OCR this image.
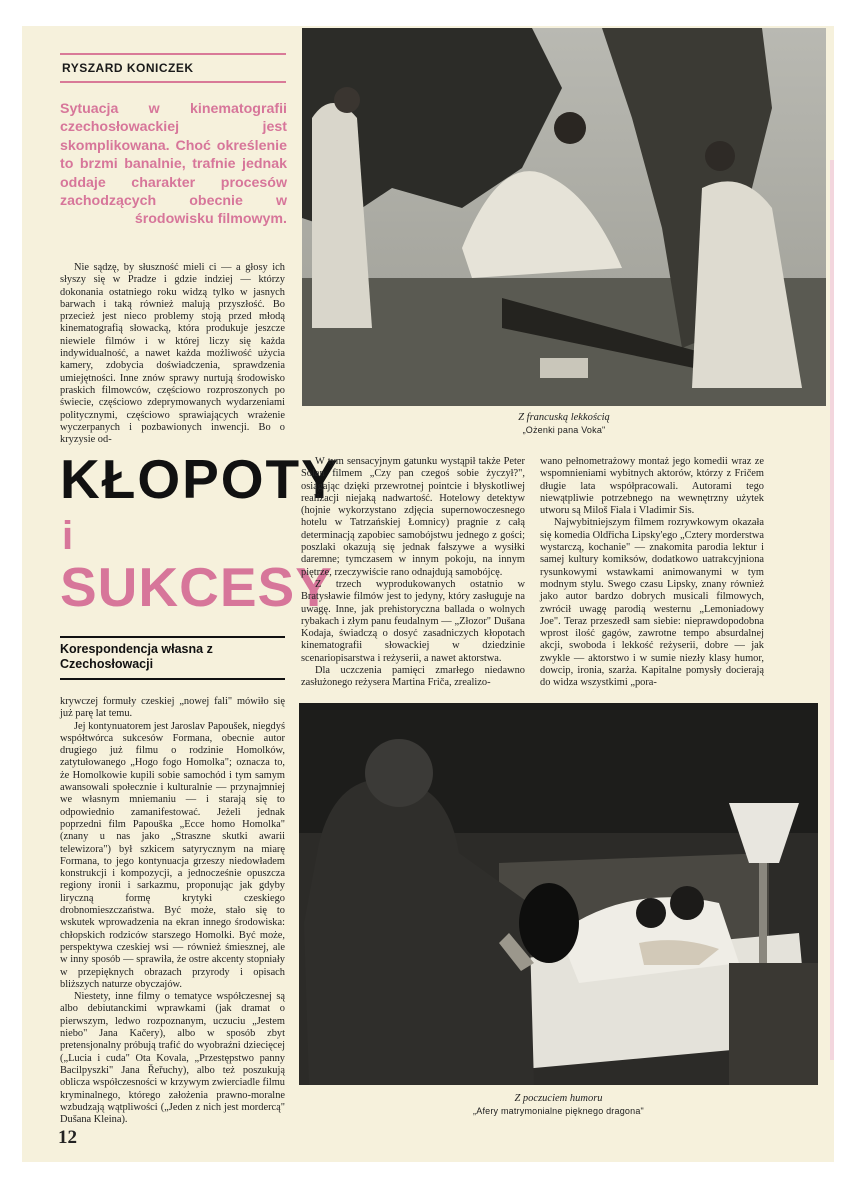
RYSZARD KONICZEK
Sytuacja w kinematografii czechosłowackiej jest skomplikowana. Choć określenie to brzmi banalnie, trafnie jednak oddaje charakter procesów zachodzących obecnie w środowisku filmowym.

Nie sądzę, by słuszność mieli ci — a głosy ich słyszy się w Pradze i gdzie indziej — którzy dokonania ostatniego roku widzą tylko w jasnych barwach i taką również malują przyszłość. Bo przecież jest nieco problemy stoją przed młodą kinematografią słowacką, która produkuje jeszcze niewiele filmów i w której liczy się każda indywidualność, a nawet każda możliwość użycia kamery, zdobycia doświadczenia, sprawdzenia umiejętności. Inne znów sprawy nurtują środowisko praskich filmowców, częściowo rozproszonych po świecie, częściowo zdeprymowanych wydarzeniami politycznymi, częściowo sprawiających wrażenie wyczerpanych i pozbawionych inwencji. Bo o kryzysie od-

Z francuską lekkością
„Ożenki pana Voka"
KŁOPOTY
i
SUKCESY
Korespondencja własna z Czechosłowacji

W tym sensacyjnym gatunku wystąpił także Peter Solan filmem „Czy pan czegoś sobie życzył?", osiągając dzięki przewrotnej pointcie i błyskotliwej realizacji niejaką nadwartość. Hotelowy detektyw (hojnie wykorzystano zdjęcia supernowoczesnego hotelu w Tatrzańskiej Łomnicy) pragnie z całą determinacją zapobiec samobójstwu jednego z gości; poszlaki okazują się jednak fałszywe a wysiłki daremne; tymczasem w innym pokoju, na innym piętrze, rzeczywiście rano odnajdują samobójcę.

Z trzech wyprodukowanych ostatnio w Bratysławie filmów jest to jedyny, który zasługuje na uwagę. Inne, jak prehistoryczna ballada o wolnych rybakach i złym panu feudalnym — „Złozor" Dušana Kodaja, świadczą o dosyć zasadniczych kłopotach kinematografii słowackiej w dziedzinie scenariopisarstwa i reżyserii, a nawet aktorstwa.

Dla uczczenia pamięci zmarłego niedawno zasłużonego reżysera Martina Friča, zrealizo-

wano pełnometrażowy montaż jego komedii wraz ze wspomnieniami wybitnych aktorów, którzy z Fričem długie lata współpracowali. Autorami tego niewątpliwie potrzebnego na wewnętrzny użytek utworu są Miloš Fiala i Vladimir Sis.

Najwybitniejszym filmem rozrywkowym okazała się komedia Oldřicha Lipsky'ego „Cztery morderstwa wystarczą, kochanie" — znakomita parodia lektur i samej kultury komiksów, dodatkowo uatrakcyjniona rysunkowymi wstawkami animowanymi w tym modnym stylu. Swego czasu Lipsky, znany również jako autor bardzo dobrych musicali filmowych, zwrócił uwagę parodią westernu „Lemoniadowy Joe". Teraz przeszedł sam siebie: nieprawdopodobna wprost ilość gagów, zawrotne tempo absurdalnej akcji, swoboda i lekkość reżyserii, dobre — jak zwykle — aktorstwo i w sumie niezły klasy humor, dowcip, ironia, szarża. Kapitalne pomysły docierają do widza wszystkimi „pora-

krywczej formuły czeskiej „nowej fali" mówiło się już parę lat temu.

Jej kontynuatorem jest Jaroslav Papoušek, niegdyś współtwórca sukcesów Formana, obecnie autor drugiego już filmu o rodzinie Homolków, zatytułowanego „Hogo fogo Homolka"; oznacza to, że Homolkowie kupili sobie samochód i tym samym awansowali społecznie i kulturalnie — przynajmniej we własnym mniemaniu — i starają się to odpowiednio zamanifestować. Jeżeli jednak poprzedni film Papouška „Ecce homo Homolka" (znany u nas jako „Straszne skutki awarii telewizora") był szkicem satyrycznym na miarę Formana, to jego kontynuacja grzeszy niedowładem konstrukcji i kompozycji, a jednocześnie opuszcza regiony ironii i sarkazmu, proponując jak gdyby liryczną formę krytyki czeskiego drobnomieszczaństwa. Być może, stało się to wskutek wprowadzenia na ekran innego środowiska: chłopskich rodziców starszego Homolki. Być może, perspektywa czeskiej wsi — również śmiesznej, ale w inny sposób — sprawiła, że ostre akcenty stopniały w przepięknych obrazach przyrody i opisach bliższych naturze obyczajów.

Niestety, inne filmy o tematyce współczesnej są albo debiutanckimi wprawkami (jak dramat o pierwszym, ledwo rozpoznanym, uczuciu „Jestem niebo" Jana Kačery), albo w sposób zbyt pretensjonalny próbują trafić do wyobraźni dziecięcej („Lucia i cuda" Ota Kovala, „Przestępstwo panny Bacilpyszki" Jana Řeřuchy), albo też poszukują oblicza współczesności w krzywym zwierciadle filmu kryminalnego, którego założenia prawno-moralne wzbudzają wątpliwości („Jeden z nich jest mordercą" Dušana Kleina).

Z poczuciem humoru
„Afery matrymonialne pięknego dragona"
12
